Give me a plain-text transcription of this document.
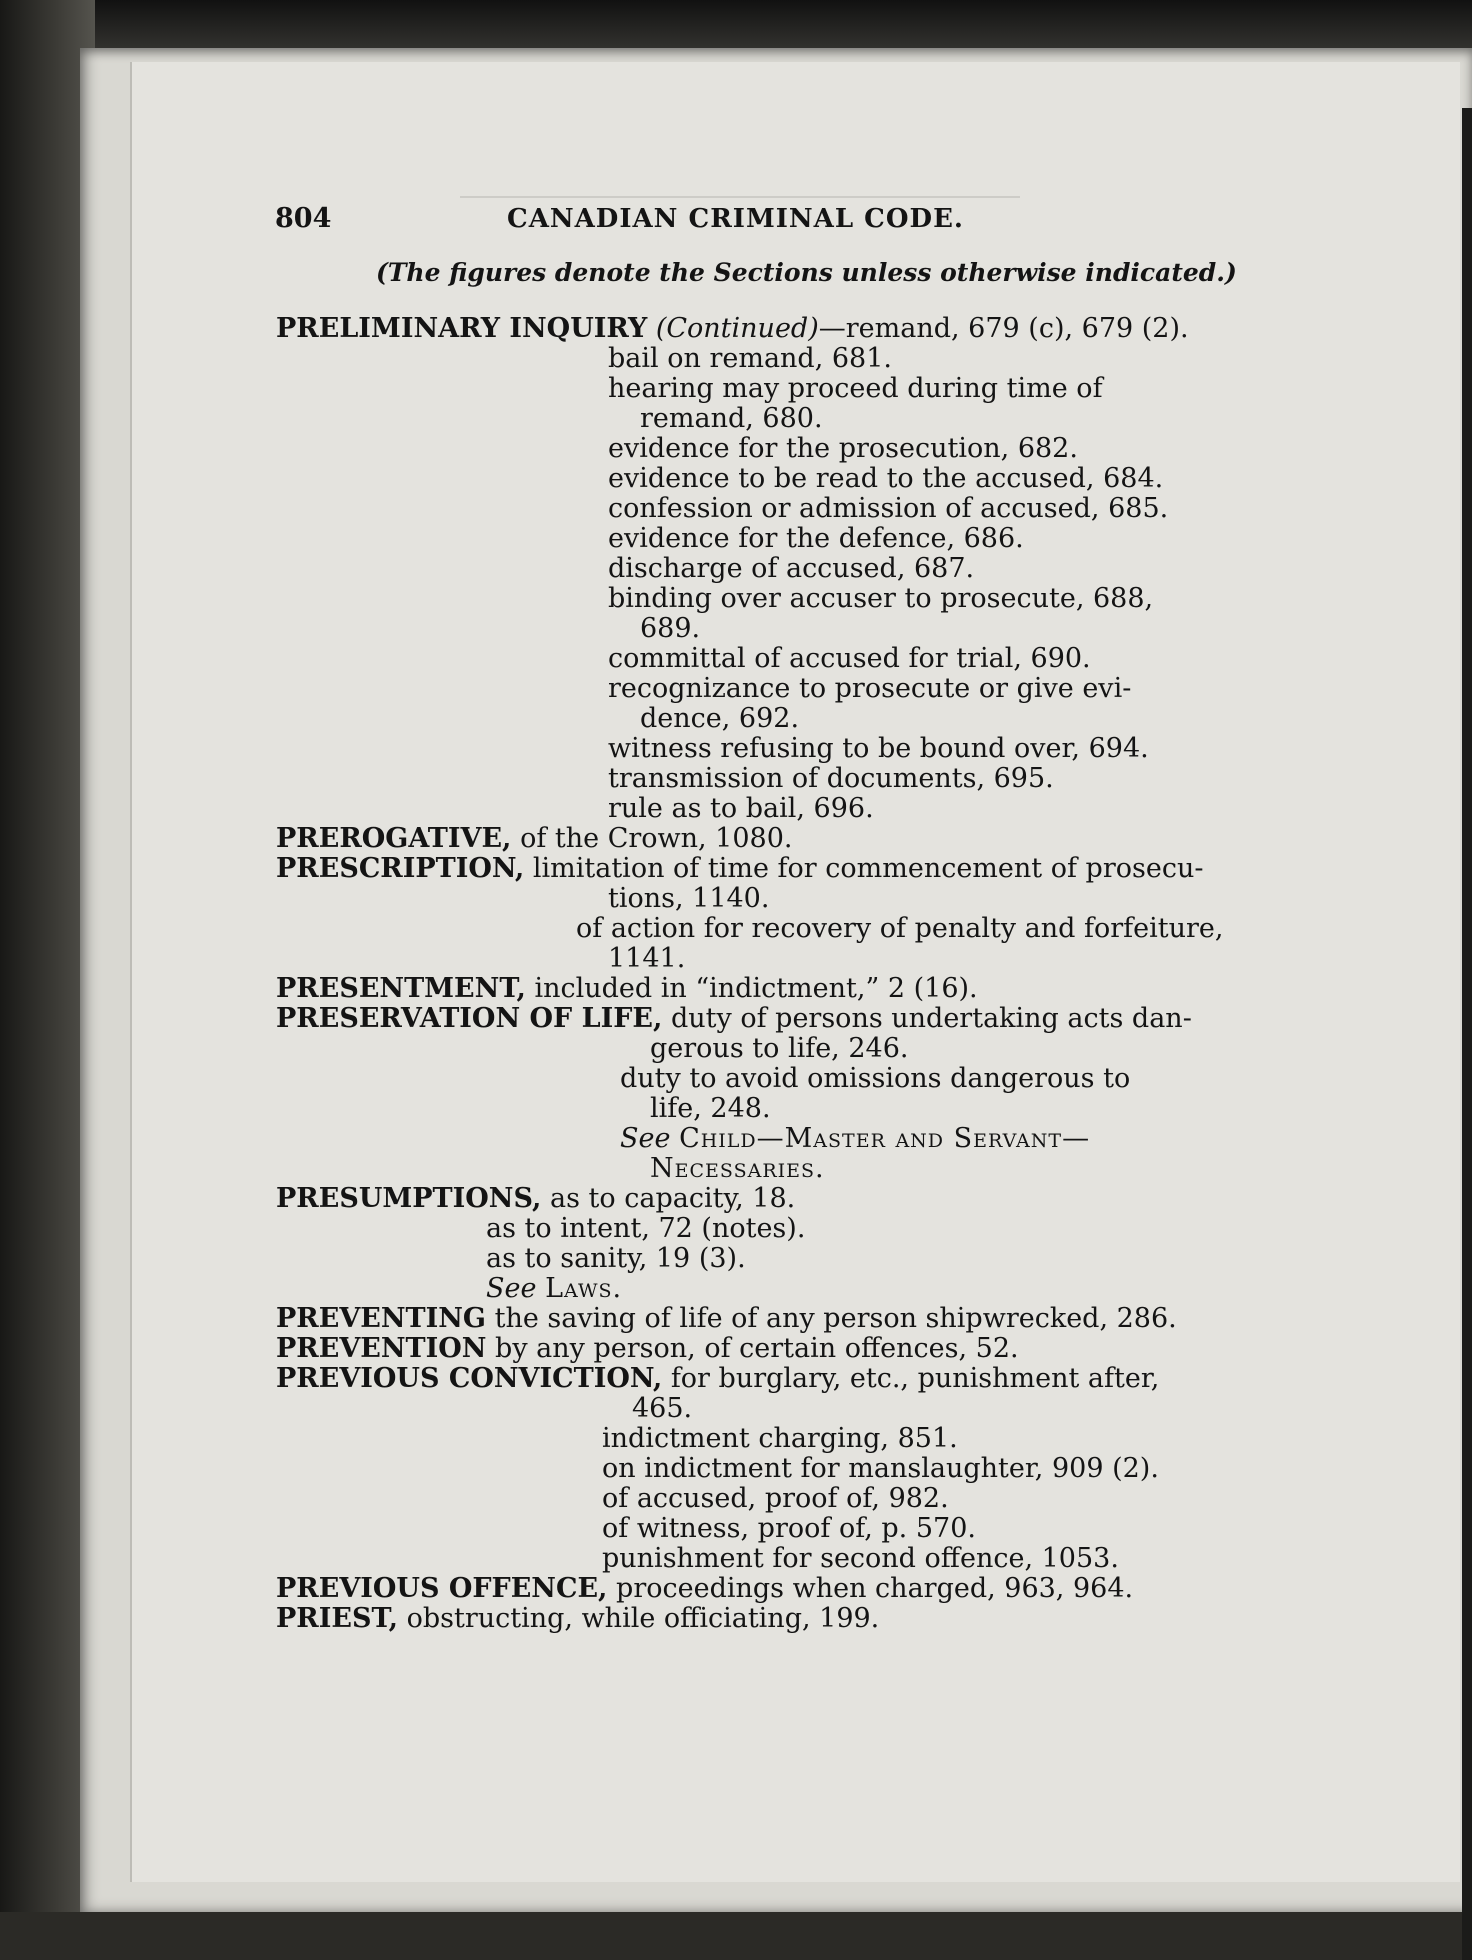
804	CANADIAN CRIMINAL CODE.
(The figures denote the Sections unless otherwise indicated.)
PRELIMINARY INQUIRY (Continued)—remand, 679 (c), 679 (2).
bail on remand, 681.
hearing may proceed during time of
remand, 680.
evidence for the prosecution, 682.
evidence to be read to the accused, 684.
confession or admission of accused, 685.
evidence for the defence, 686.
discharge of accused, 687.
binding over accuser to prosecute, 688,
689.
committal of accused for trial, 690.
recognizance to prosecute or give evi-
dence, 692.
witness refusing to be bound over, 694.
transmission of documents, 695.
rule as to bail, 696.
PREROGATIVE, of the Crown, 1080.
PRESCRIPTION, limitation of time for commencement of prosecu-
tions, 1140.
of action for recovery of penalty and forfeiture,
1141.
PRESENTMENT, included in “indictment,” 2 (16).
PRESERVATION OF LIFE, duty of persons undertaking acts dan-
gerous to life, 246.
duty to avoid omissions dangerous to
life, 248.
See Child—Master and Servant—
Necessaries.
PRESUMPTIONS, as to capacity, 18.
as to intent, 72 (notes).
as to sanity, 19 (3).
See Laws.
PREVENTING the saving of life of any person shipwrecked, 286.
PREVENTION by any person, of certain offences, 52.
PREVIOUS CONVICTION, for burglary, etc., punishment after,
465.
indictment charging, 851.
on indictment for manslaughter, 909 (2).
of accused, proof of, 982.
of witness, proof of, p. 570.
punishment for second offence, 1053.
PREVIOUS OFFENCE, proceedings when charged, 963, 964.
PRIEST, obstructing, while officiating, 199.
